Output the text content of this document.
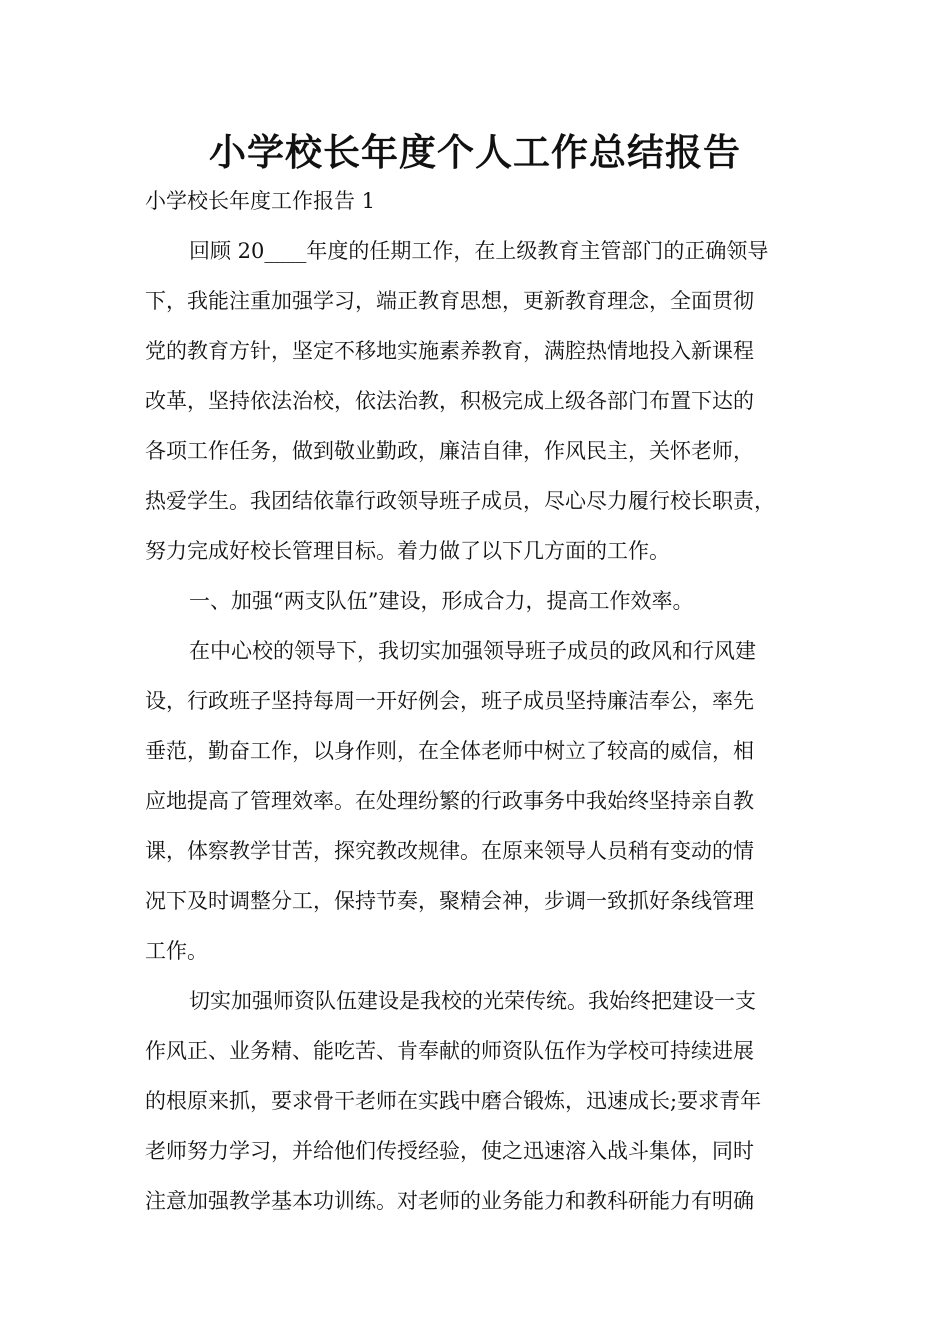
小学校长年度个人工作总结报告

小学校长年度工作报告 1

回顾 20____年度的任期工作，在上级教育主管部门的正确领导

下，我能注重加强学习，端正教育思想，更新教育理念，全面贯彻

党的教育方针，坚定不移地实施素养教育，满腔热情地投入新课程

改革，坚持依法治校，依法治教，积极完成上级各部门布置下达的

各项工作任务，做到敬业勤政，廉洁自律，作风民主，关怀老师，

热爱学生。我团结依靠行政领导班子成员，尽心尽力履行校长职责，

努力完成好校长管理目标。着力做了以下几方面的工作。

一、加强“两支队伍”建设，形成合力，提高工作效率。

在中心校的领导下，我切实加强领导班子成员的政风和行风建

设，行政班子坚持每周一开好例会，班子成员坚持廉洁奉公，率先

垂范，勤奋工作，以身作则，在全体老师中树立了较高的威信，相

应地提高了管理效率。在处理纷繁的行政事务中我始终坚持亲自教

课，体察教学甘苦，探究教改规律。在原来领导人员稍有变动的情

况下及时调整分工，保持节奏，聚精会神，步调一致抓好条线管理

工作。

切实加强师资队伍建设是我校的光荣传统。我始终把建设一支

作风正、业务精、能吃苦、肯奉献的师资队伍作为学校可持续进展

的根原来抓，要求骨干老师在实践中磨合锻炼，迅速成长;要求青年

老师努力学习，并给他们传授经验，使之迅速溶入战斗集体，同时

注意加强教学基本功训练。对老师的业务能力和教科研能力有明确
